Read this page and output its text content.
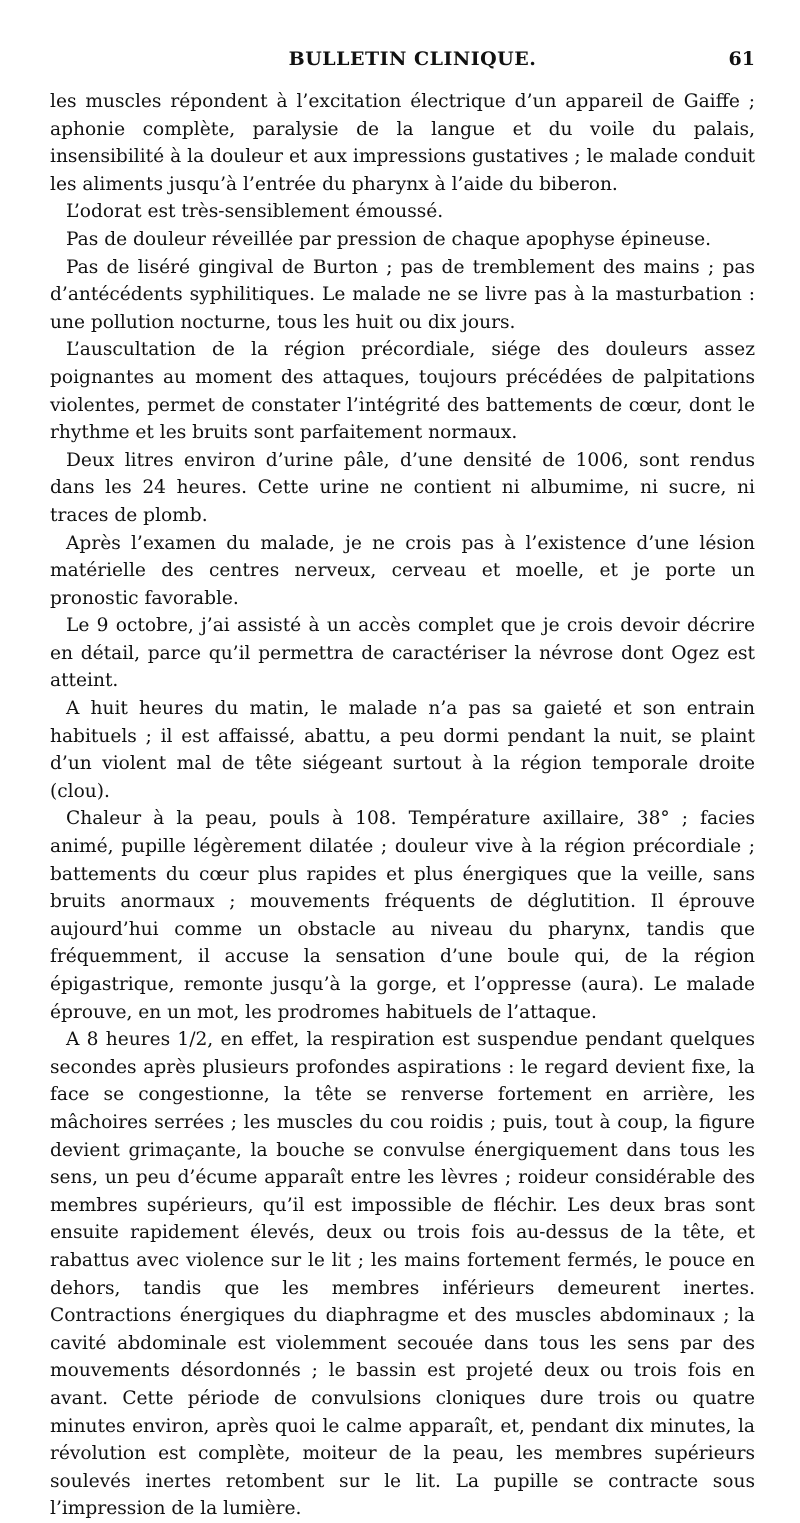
BULLETIN CLINIQUE.	61

les muscles répondent à l’excitation électrique d’un appareil de Gaiffe ; aphonie complète, paralysie de la langue et du voile du palais, insensibilité à la douleur et aux impressions gustatives ; le malade conduit les aliments jusqu’à l’entrée du pharynx à l’aide du biberon.

L’odorat est très-sensiblement émoussé.

Pas de douleur réveillée par pression de chaque apophyse épineuse.

Pas de liséré gingival de Burton ; pas de tremblement des mains ; pas d’antécédents syphilitiques. Le malade ne se livre pas à la masturbation : une pollution nocturne, tous les huit ou dix jours.

L’auscultation de la région précordiale, siége des douleurs assez poignantes au moment des attaques, toujours précédées de palpitations violentes, permet de constater l’intégrité des battements de cœur, dont le rhythme et les bruits sont parfaitement normaux.

Deux litres environ d’urine pâle, d’une densité de 1006, sont rendus dans les 24 heures. Cette urine ne contient ni albumime, ni sucre, ni traces de plomb.

Après l’examen du malade, je ne crois pas à l’existence d’une lésion matérielle des centres nerveux, cerveau et moelle, et je porte un pronostic favorable.

Le 9 octobre, j’ai assisté à un accès complet que je crois devoir décrire en détail, parce qu’il permettra de caractériser la névrose dont Ogez est atteint.

A huit heures du matin, le malade n’a pas sa gaieté et son entrain habituels ; il est affaissé, abattu, a peu dormi pendant la nuit, se plaint d’un violent mal de tête siégeant surtout à la région temporale droite (clou).

Chaleur à la peau, pouls à 108. Température axillaire, 38° ; facies animé, pupille légèrement dilatée ; douleur vive à la région précordiale ; battements du cœur plus rapides et plus énergiques que la veille, sans bruits anormaux ; mouvements fréquents de déglutition. Il éprouve aujourd’hui comme un obstacle au niveau du pharynx, tandis que fréquemment, il accuse la sensation d’une boule qui, de la région épigastrique, remonte jusqu’à la gorge, et l’oppresse (aura). Le malade éprouve, en un mot, les prodromes habituels de l’attaque.

A 8 heures 1/2, en effet, la respiration est suspendue pendant quelques secondes après plusieurs profondes aspirations : le regard devient fixe, la face se congestionne, la tête se renverse fortement en arrière, les mâchoires serrées ; les muscles du cou roidis ; puis, tout à coup, la figure devient grimaçante, la bouche se convulse énergiquement dans tous les sens, un peu d’écume apparaît entre les lèvres ; roideur considérable des membres supérieurs, qu’il est impossible de fléchir. Les deux bras sont ensuite rapidement élevés, deux ou trois fois au-dessus de la tête, et rabattus avec violence sur le lit ; les mains fortement fermés, le pouce en dehors, tandis que les membres inférieurs demeurent inertes. Contractions énergiques du diaphragme et des muscles abdominaux ; la cavité abdominale est violemment secouée dans tous les sens par des mouvements désordonnés ; le bassin est projeté deux ou trois fois en avant. Cette période de convulsions cloniques dure trois ou quatre minutes environ, après quoi le calme apparaît, et, pendant dix minutes, la révolution est complète, moiteur de la peau, les membres supérieurs soulevés inertes retombent sur le lit. La pupille se contracte sous l’impression de la lumière.
